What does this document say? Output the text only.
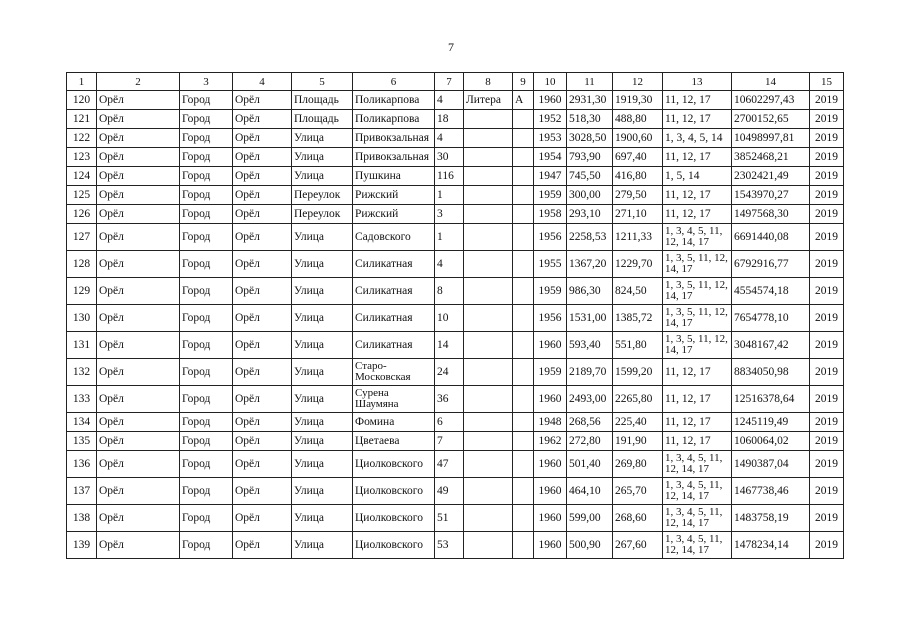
7
1	2	3	4	5	6	7	8	9	10	11	12	13	14	15
120	Орёл	Город	Орёл	Площадь	Поликарпова	4	Литера	А	1960	2931,30	1919,30	11, 12, 17	10602297,43	2019
121	Орёл	Город	Орёл	Площадь	Поликарпова	18			1952	518,30	488,80	11, 12, 17	2700152,65	2019
122	Орёл	Город	Орёл	Улица	Привокзальная	4			1953	3028,50	1900,60	1, 3, 4, 5, 14	10498997,81	2019
123	Орёл	Город	Орёл	Улица	Привокзальная	30			1954	793,90	697,40	11, 12, 17	3852468,21	2019
124	Орёл	Город	Орёл	Улица	Пушкина	116			1947	745,50	416,80	1, 5, 14	2302421,49	2019
125	Орёл	Город	Орёл	Переулок	Рижский	1			1959	300,00	279,50	11, 12, 17	1543970,27	2019
126	Орёл	Город	Орёл	Переулок	Рижский	3			1958	293,10	271,10	11, 12, 17	1497568,30	2019
127	Орёл	Город	Орёл	Улица	Садовского	1			1956	2258,53	1211,33	1, 3, 4, 5, 11, 12, 14, 17	6691440,08	2019
128	Орёл	Город	Орёл	Улица	Силикатная	4			1955	1367,20	1229,70	1, 3, 5, 11, 12, 14, 17	6792916,77	2019
129	Орёл	Город	Орёл	Улица	Силикатная	8			1959	986,30	824,50	1, 3, 5, 11, 12, 14, 17	4554574,18	2019
130	Орёл	Город	Орёл	Улица	Силикатная	10			1956	1531,00	1385,72	1, 3, 5, 11, 12, 14, 17	7654778,10	2019
131	Орёл	Город	Орёл	Улица	Силикатная	14			1960	593,40	551,80	1, 3, 5, 11, 12, 14, 17	3048167,42	2019
132	Орёл	Город	Орёл	Улица	Старо-Московская	24			1959	2189,70	1599,20	11, 12, 17	8834050,98	2019
133	Орёл	Город	Орёл	Улица	Сурена Шаумяна	36			1960	2493,00	2265,80	11, 12, 17	12516378,64	2019
134	Орёл	Город	Орёл	Улица	Фомина	6			1948	268,56	225,40	11, 12, 17	1245119,49	2019
135	Орёл	Город	Орёл	Улица	Цветаева	7			1962	272,80	191,90	11, 12, 17	1060064,02	2019
136	Орёл	Город	Орёл	Улица	Циолковского	47			1960	501,40	269,80	1, 3, 4, 5, 11, 12, 14, 17	1490387,04	2019
137	Орёл	Город	Орёл	Улица	Циолковского	49			1960	464,10	265,70	1, 3, 4, 5, 11, 12, 14, 17	1467738,46	2019
138	Орёл	Город	Орёл	Улица	Циолковского	51			1960	599,00	268,60	1, 3, 4, 5, 11, 12, 14, 17	1483758,19	2019
139	Орёл	Город	Орёл	Улица	Циолковского	53			1960	500,90	267,60	1, 3, 4, 5, 11, 12, 14, 17	1478234,14	2019
